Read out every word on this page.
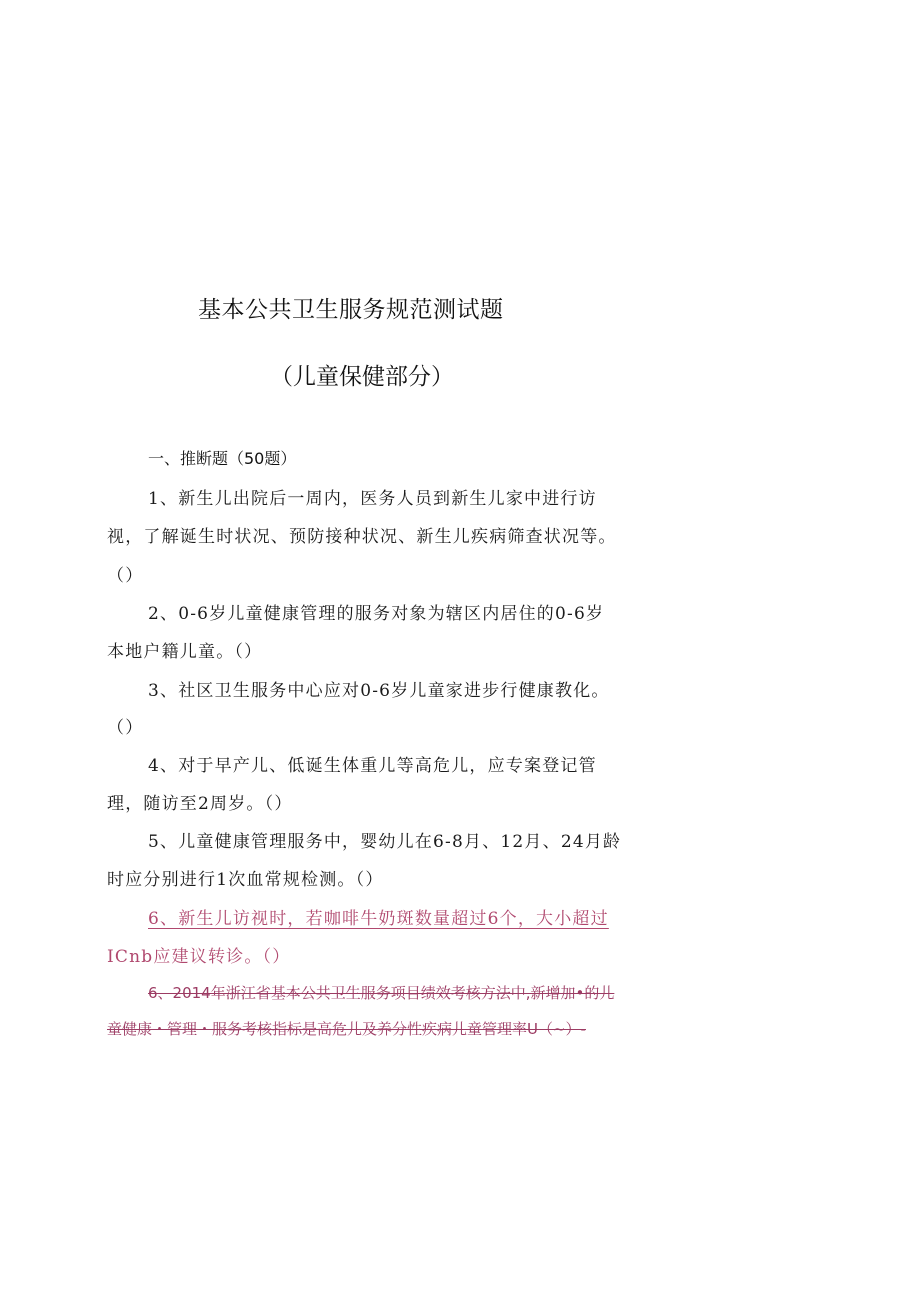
基本公共卫生服务规范测试题
（儿童保健部分）
一、推断题（50题）
1、新生儿出院后一周内，医务人员到新生儿家中进行访
视，了解诞生时状况、预防接种状况、新生儿疾病筛查状况等。
（）
2、0-6岁儿童健康管理的服务对象为辖区内居住的0-6岁
本地户籍儿童。（）
3、社区卫生服务中心应对0-6岁儿童家进步行健康教化。
（）
4、对于早产儿、低诞生体重儿等高危儿，应专案登记管
理，随访至2周岁。（）
5、儿童健康管理服务中，婴幼儿在6-8月、12月、24月龄
时应分别进行1次血常规检测。（）
6、新生儿访视时，若咖啡牛奶斑数量超过6个，大小超过
ICnb应建议转诊。（）
6、2014年浙江省基本公共卫生服务项目绩效考核方法中,新增加•的儿
童健康・管理・服务考核指标是高危儿及养分性疾病儿童管理率U（~）-
